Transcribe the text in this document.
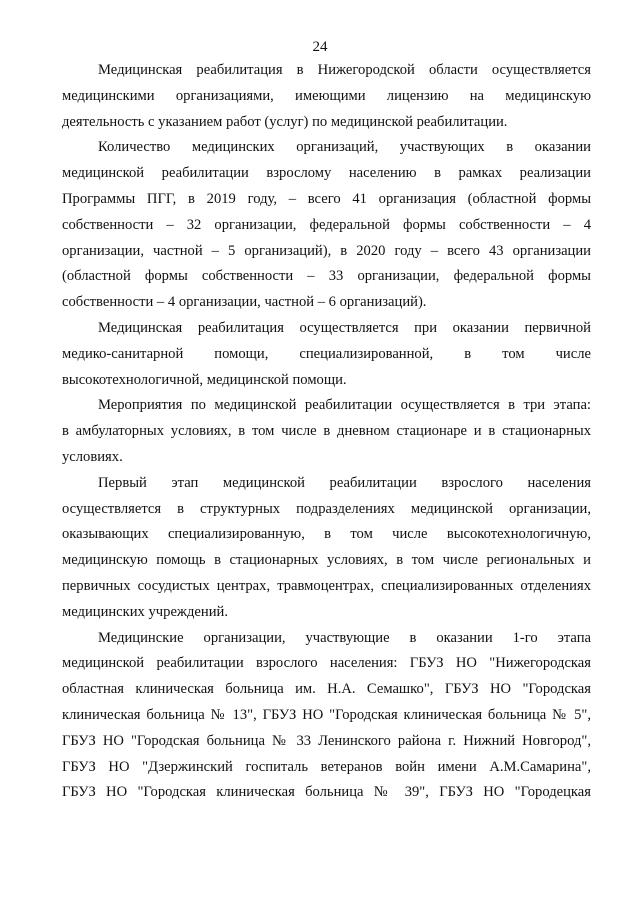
24
Медицинская реабилитация в Нижегородской области осуществляется
медицинскими организациями, имеющими лицензию на медицинскую
деятельность с указанием работ (услуг) по медицинской реабилитации.
Количество медицинских организаций, участвующих в оказании
медицинской реабилитации взрослому населению в рамках реализации
Программы ПГГ, в 2019 году, – всего 41 организация (областной формы
собственности – 32 организации, федеральной формы собственности – 4
организации, частной – 5 организаций), в 2020 году – всего 43 организации
(областной формы собственности – 33 организации, федеральной формы
собственности – 4 организации, частной – 6 организаций).
Медицинская реабилитация осуществляется при оказании первичной
медико-санитарной помощи, специализированной, в том числе
высокотехнологичной, медицинской помощи.
Мероприятия по медицинской реабилитации осуществляется в три этапа:
в амбулаторных условиях, в том числе в дневном стационаре и в стационарных
условиях.
Первый этап медицинской реабилитации взрослого населения
осуществляется в структурных подразделениях медицинской организации,
оказывающих специализированную, в том числе высокотехнологичную,
медицинскую помощь в стационарных условиях, в том числе региональных и
первичных сосудистых центрах, травмоцентрах, специализированных отделениях
медицинских учреждений.
Медицинские организации, участвующие в оказании 1-го этапа
медицинской реабилитации взрослого населения: ГБУЗ НО "Нижегородская
областная клиническая больница им. Н.А. Семашко", ГБУЗ НО "Городская
клиническая больница № 13", ГБУЗ НО "Городская клиническая больница № 5",
ГБУЗ НО "Городская больница № 33 Ленинского района г. Нижний Новгород",
ГБУЗ НО "Дзержинский госпиталь ветеранов войн имени А.М.Самарина",
ГБУЗ НО "Городская клиническая больница № 39", ГБУЗ НО "Городецкая
